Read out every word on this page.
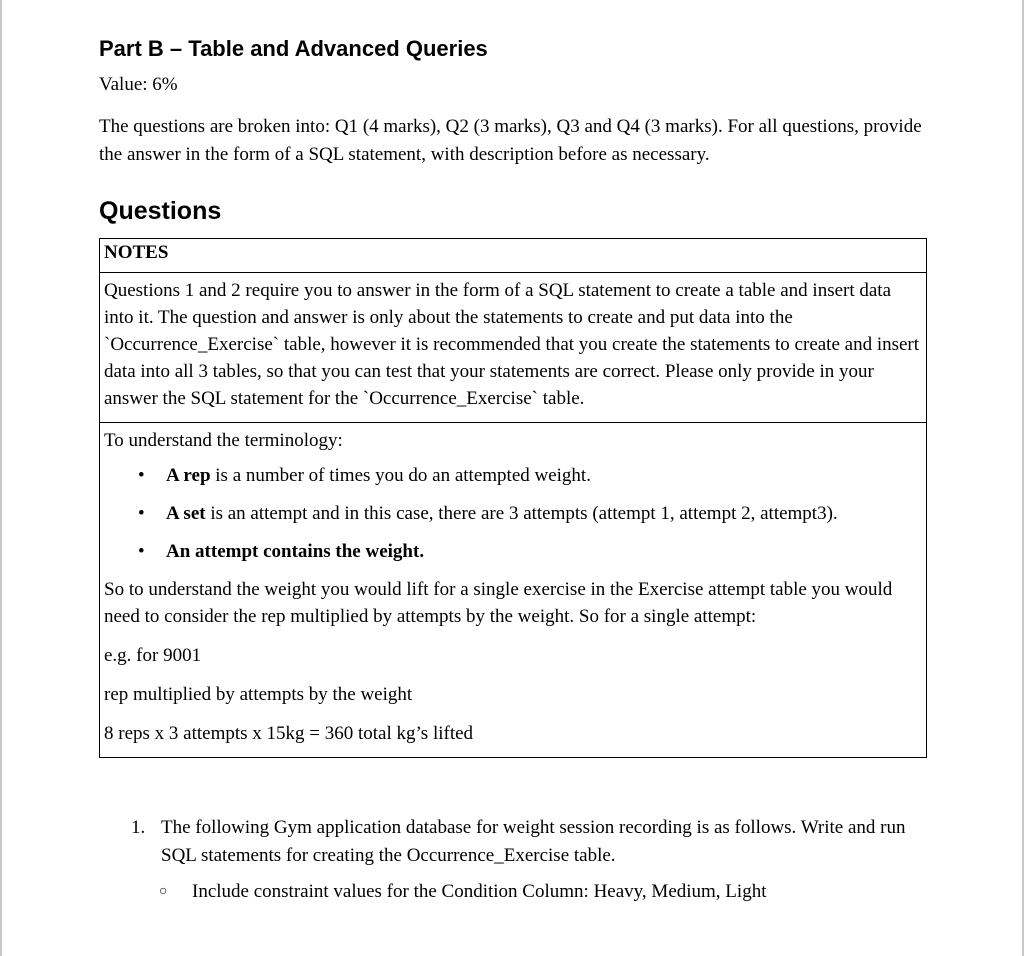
Part B – Table and Advanced Queries
Value: 6%

The questions are broken into: Q1 (4 marks), Q2 (3 marks), Q3 and Q4 (3 marks). For all questions, provide the answer in the form of a SQL statement, with description before as necessary.

Questions
NOTES
Questions 1 and 2 require you to answer in the form of a SQL statement to create a table and insert data into it. The question and answer is only about the statements to create and put data into the `Occurrence_Exercise` table, however it is recommended that you create the statements to create and insert data into all 3 tables, so that you can test that your statements are correct. Please only provide in your answer the SQL statement for the `Occurrence_Exercise` table.

To understand the terminology:

• A rep is a number of times you do an attempted weight.
• A set is an attempt and in this case, there are 3 attempts (attempt 1, attempt 2, attempt3).
• An attempt contains the weight.

So to understand the weight you would lift for a single exercise in the Exercise attempt table you would need to consider the rep multiplied by attempts by the weight. So for a single attempt:

e.g. for 9001

rep multiplied by attempts by the weight

8 reps x 3 attempts x 15kg = 360 total kg’s lifted

1. The following Gym application database for weight session recording is as follows. Write and run SQL statements for creating the Occurrence_Exercise table.
○ Include constraint values for the Condition Column: Heavy, Medium, Light
